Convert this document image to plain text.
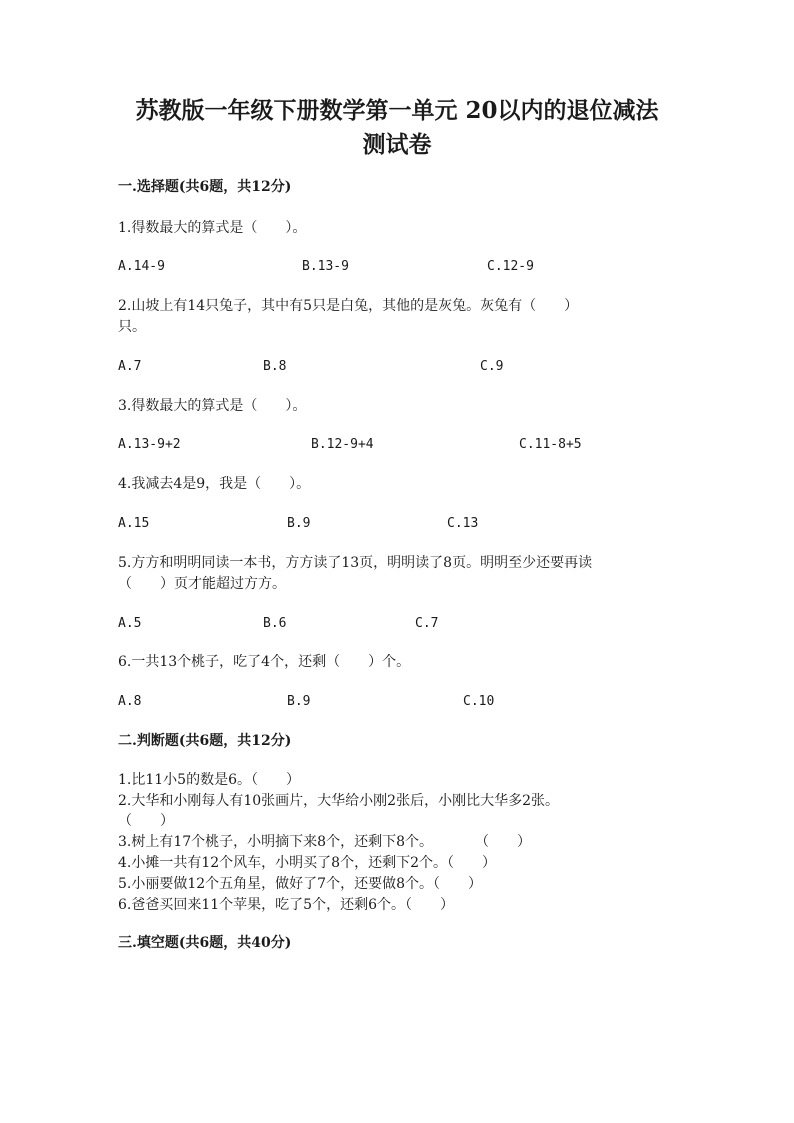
苏教版一年级下册数学第一单元 20以内的退位减法
测试卷
一.选择题(共6题，共12分)
1.得数最大的算式是（　　）。
A.14-9	B.13-9	C.12-9
2.山坡上有14只兔子，其中有5只是白兔，其他的是灰兔。灰兔有（　　）
只。
A.7	B.8	C.9
3.得数最大的算式是（　　）。
A.13-9+2	B.12-9+4	C.11-8+5
4.我减去4是9，我是（　　）。
A.15	B.9	C.13
5.方方和明明同读一本书，方方读了13页，明明读了8页。明明至少还要再读
（　　）页才能超过方方。
A.5	B.6	C.7
6.一共13个桃子，吃了4个，还剩（　　）个。
A.8	B.9	C.10
二.判断题(共6题，共12分)
1.比11小5的数是6。（　　）
2.大华和小刚每人有10张画片，大华给小刚2张后，小刚比大华多2张。
（　　）
3.树上有17个桃子，小明摘下来8个，还剩下8个。　　　　（　　）
4.小摊一共有12个风车，小明买了8个，还剩下2个。（　　）
5.小丽要做12个五角星，做好了7个，还要做8个。（　　）
6.爸爸买回来11个苹果，吃了5个，还剩6个。（　　）
三.填空题(共6题，共40分)
